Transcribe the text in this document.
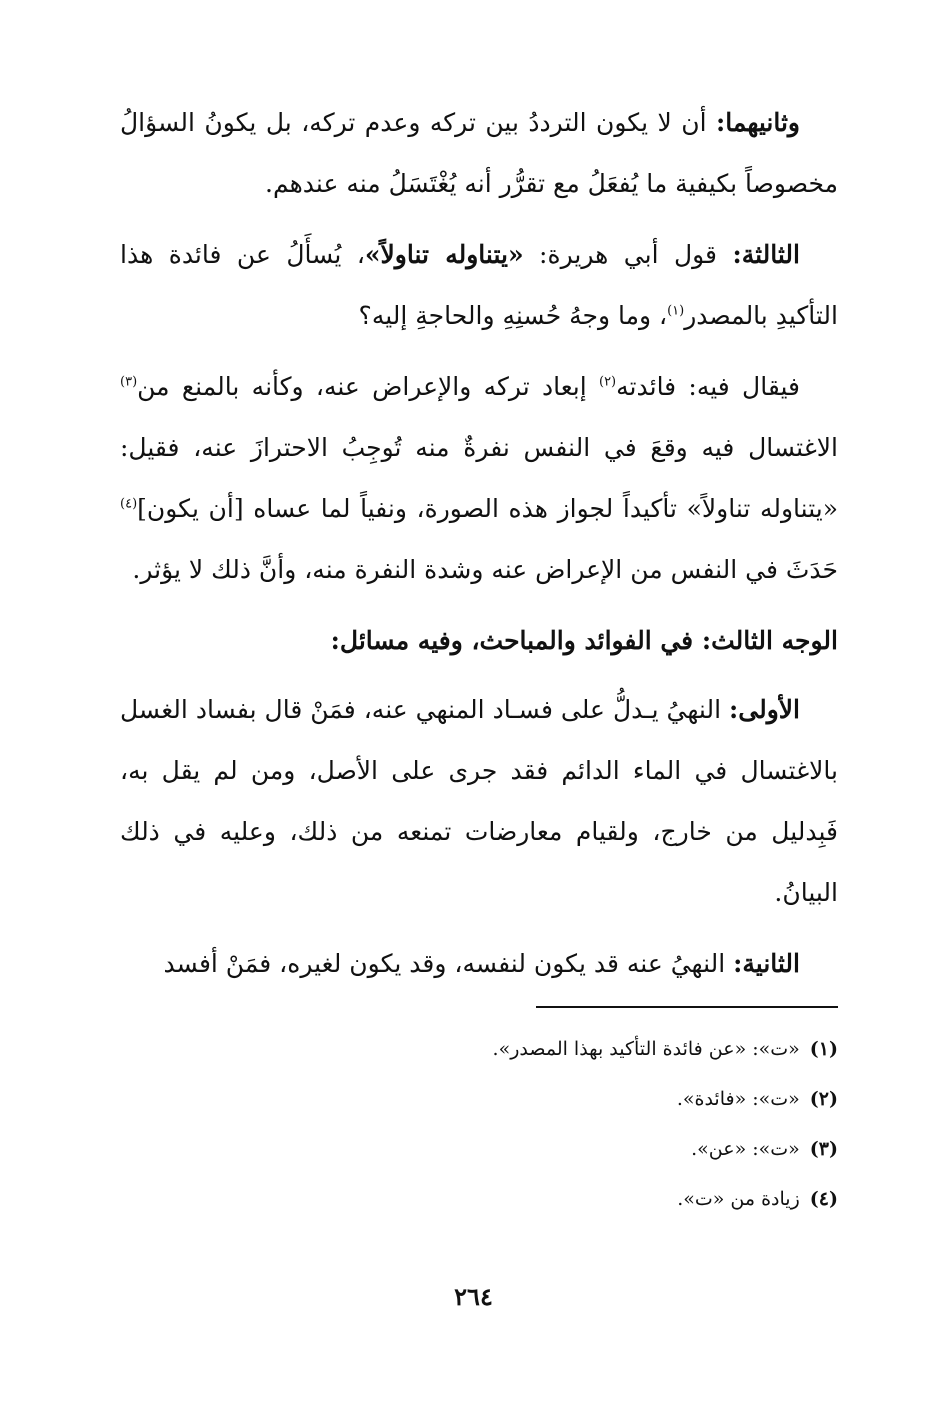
وثانيهما: أن لا يكون الترددُ بين تركه وعدم تركه، بل يكونُ السؤالُ مخصوصاً بكيفية ما يُفعَلُ مع تقرُّر أنه يُغْتَسَلُ منه عندهم.

الثالثة: قول أبي هريرة: «يتناوله تناولاً»، يُسأَلُ عن فائدة هذا التأكيدِ بالمصدر$^{(١)}$، وما وجهُ حُسنِهِ والحاجةِ إليه؟

فيقال فيه: فائدته$^{(٢)}$ إبعاد تركه والإعراض عنه، وكأنه بالمنع من$^{(٣)}$ الاغتسال فيه وقعَ في النفس نفرةٌ منه تُوجِبُ الاحترازَ عنه، فقيل: «يتناوله تناولاً» تأكيداً لجواز هذه الصورة، ونفياً لما عساه [أن يكون]$^{(٤)}$ حَدَثَ في النفس من الإعراض عنه وشدة النفرة منه، وأنَّ ذلك لا يؤثر.

الوجه الثالث: في الفوائد والمباحث، وفيه مسائل:

الأولى: النهيُ يـدلُّ على فسـاد المنهي عنه، فمَنْ قال بفساد الغسل بالاغتسال في الماء الدائم فقد جرى على الأصل، ومن لم يقل به، فَبِدليل من خارج، ولقيام معارضات تمنعه من ذلك، وعليه في ذلك البيانُ.

الثانية: النهيُ عنه قد يكون لنفسه، وقد يكون لغيره، فمَنْ أفسد

(١)«ت»: «عن فائدة التأكيد بهذا المصدر».
(٢)«ت»: «فائدة».
(٣)«ت»: «عن».
(٤)زيادة من «ت».
٢٦٤
